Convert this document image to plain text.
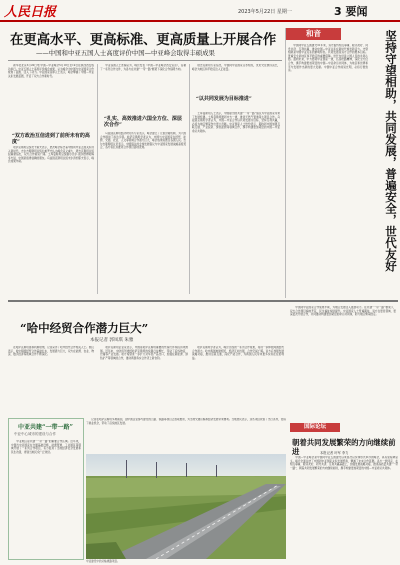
人民日报	2023年5月22日 星期一	3 要闻
在更高水平、更高标准、更高质量上开展合作
——中国和中亚五国人士高度评价中国—中亚峰会取得丰硕成果
　　新华社北京5月20日电 中国—中亚峰会5月18日至19日在陕西西安成功举行。中亚五国人士高度评价峰会成果，认为峰会为中国与中亚国家合作规划了蓝图、注入了动力。中亚国家各界人士表示，峰会擘画了中国—中亚关系发展蓝图，开启了双方合作新时代。
“双方政治互信进到了前所未有的高度”
　　哈萨克斯坦总统托卡耶夫表示，此次峰会标志着中国同中亚五国关系进入新时代。吉尔吉斯斯坦总统扎帕罗夫认为峰会意义重大，塔吉克斯坦总统拉赫蒙指出，双方合作前景广阔。土库曼斯坦总统谢尔达尔·别尔德穆哈梅多夫说，中国是值得信赖的朋友。乌兹别克斯坦总统米尔济约耶夫表示，峰会成果丰硕。
　　中亚各国人士普遍认为，峰会发表《中国—中亚峰会西安宣言》，签署了一系列合作文件，为各方在共建“一带一路”框架下深化合作指明方向。
“扎实、高效推进六国全方位、深层次合作”
　　乌兹别克斯坦经济研究所专家表示，峰会建立了元首会晤机制，为六国合作提供了政治引领。哈萨克斯坦学者认为，中国与中亚国家在经贸、能源、交通、农业、人文等领域合作潜力巨大，峰会成果将惠及各国人民。吉尔吉斯斯坦议员表示，中国倡议的全球发展倡议与中亚国家发展战略高度契合，各方将扎实推进合作项目落地见效。
　　塔吉克斯坦专家指出，中国同中亚国家山水相连，友好交往源远流长，峰会为地区和平稳定注入正能量。
“以共同发展为目标推进”
　　土库曼斯坦人士表示，中国提出的共建“一带一路”倡议为中亚国家带来了发展机遇。土库曼斯坦愿同中方一道，推进天然气管道等大项目合作。乌兹别克斯坦学者认为，中国—中亚合作以共同发展为目标，坚持互利共赢，必将为地区繁荣作出更大贡献。中亚国家人士纷纷表示，期待同中国加强互联互通、产业投资、绿色能源等领域合作，携手构建更加紧密的中国—中亚命运共同体。
和音	坚持守望相助，共同发展，普遍安全，世代友好
　　中国同中亚五国建交31年来，双方始终相互尊重、睦邻友好、同舟共济、互利共赢，推动中国—中亚关系在新时代焕发新活力。守望相助是中国中亚关系的鲜明特色。共同发展是双方合作的根本目标。普遍安全是地区和平稳定的重要保障。世代友好是六国人民的共同心愿。面向未来，中方愿同中亚国家一道，弘扬丝路精神，深化全方位合作，携手构建更加紧密的中国—中亚命运共同体，为地区和世界和平与发展作出新的更大贡献。中国中亚合作前景光明，必将行稳致远。
“哈中经贸合作潜力巨大”
本报记者 郭凤琪 朱雅
　　在哈萨克斯坦首都阿斯塔纳，记者采访了哈中经贸合作相关人士。他们表示，哈中两国经贸合作基础扎实，发展潜力巨大，双方在能源、农业、物流、数字经济等领域合作不断深化。
　　哈萨克斯坦企业家表示，中国是哈萨克斯坦重要的贸易伙伴和投资来源国。近年来，中欧班列途经哈萨克斯坦的线路日益繁忙，带动了沿线物流、仓储等产业发展。哈方希望进一步扩大对华农产品出口，加强在新能源、绿色矿产等领域的合作，推动两国务实合作迈上新台阶。
　　哈萨克斯坦学者认为，峰会达成的一系列合作成果，将进一步释放两国经贸合作潜力。哈中两国地缘相近、经济互补性强，合作空间广阔。双方应加强发展战略对接，推进互联互通，深化产能合作，为两国人民带来更多实实在在的利益。
　　中国同中亚国家合作成果丰硕，为地区发展注入强劲动力。在共建“一带一路”框架下，双方合作项目遍地开花，民生福祉持续提升。中亚国家人士普遍期待，双方在更宽领域、更深层次开展合作，共同推动构建更加紧密的命运共同体，助力地区繁荣稳定。
中亚共建“一带一路”
中亚中心城市的建设与合作
　　中亚地区是共建“一带一路”的重要合作区域。近年来，中国与中亚国家在交通基础设施、能源管道、工业园区等领域开展了一系列合作项目，有力促进了当地经济社会发展和民生改善，得到当地民众广泛欢迎。
　　记者在哈萨克斯坦多地看到，由中国企业参与建设的公路、铁路等项目正加紧推进，为当地交通运输和经济发展带来便利。当地居民表示，这些项目改善了出行条件，创造了就业机会，带动了沿线地区发展。
中亚建设中的运输道路项目。
国际论坛
朝着共同发展繁荣的方向继续前进	本报记者 叶军 李力
　　中国—中亚峰会是中国同中亚五国建交以来首次以实体形式举办的峰会，具有里程碑意义。峰会全面总结了中国同中亚国家关系发展经验，擘画了未来合作蓝图。各方一致同意，在相互尊重、睦邻友好、同舟共济、互利共赢基础上，加强发展战略对接，推进高质量共建“一带一路”，朝着共同发展繁荣的方向继续前进，携手构建更加紧密的中国—中亚命运共同体。
